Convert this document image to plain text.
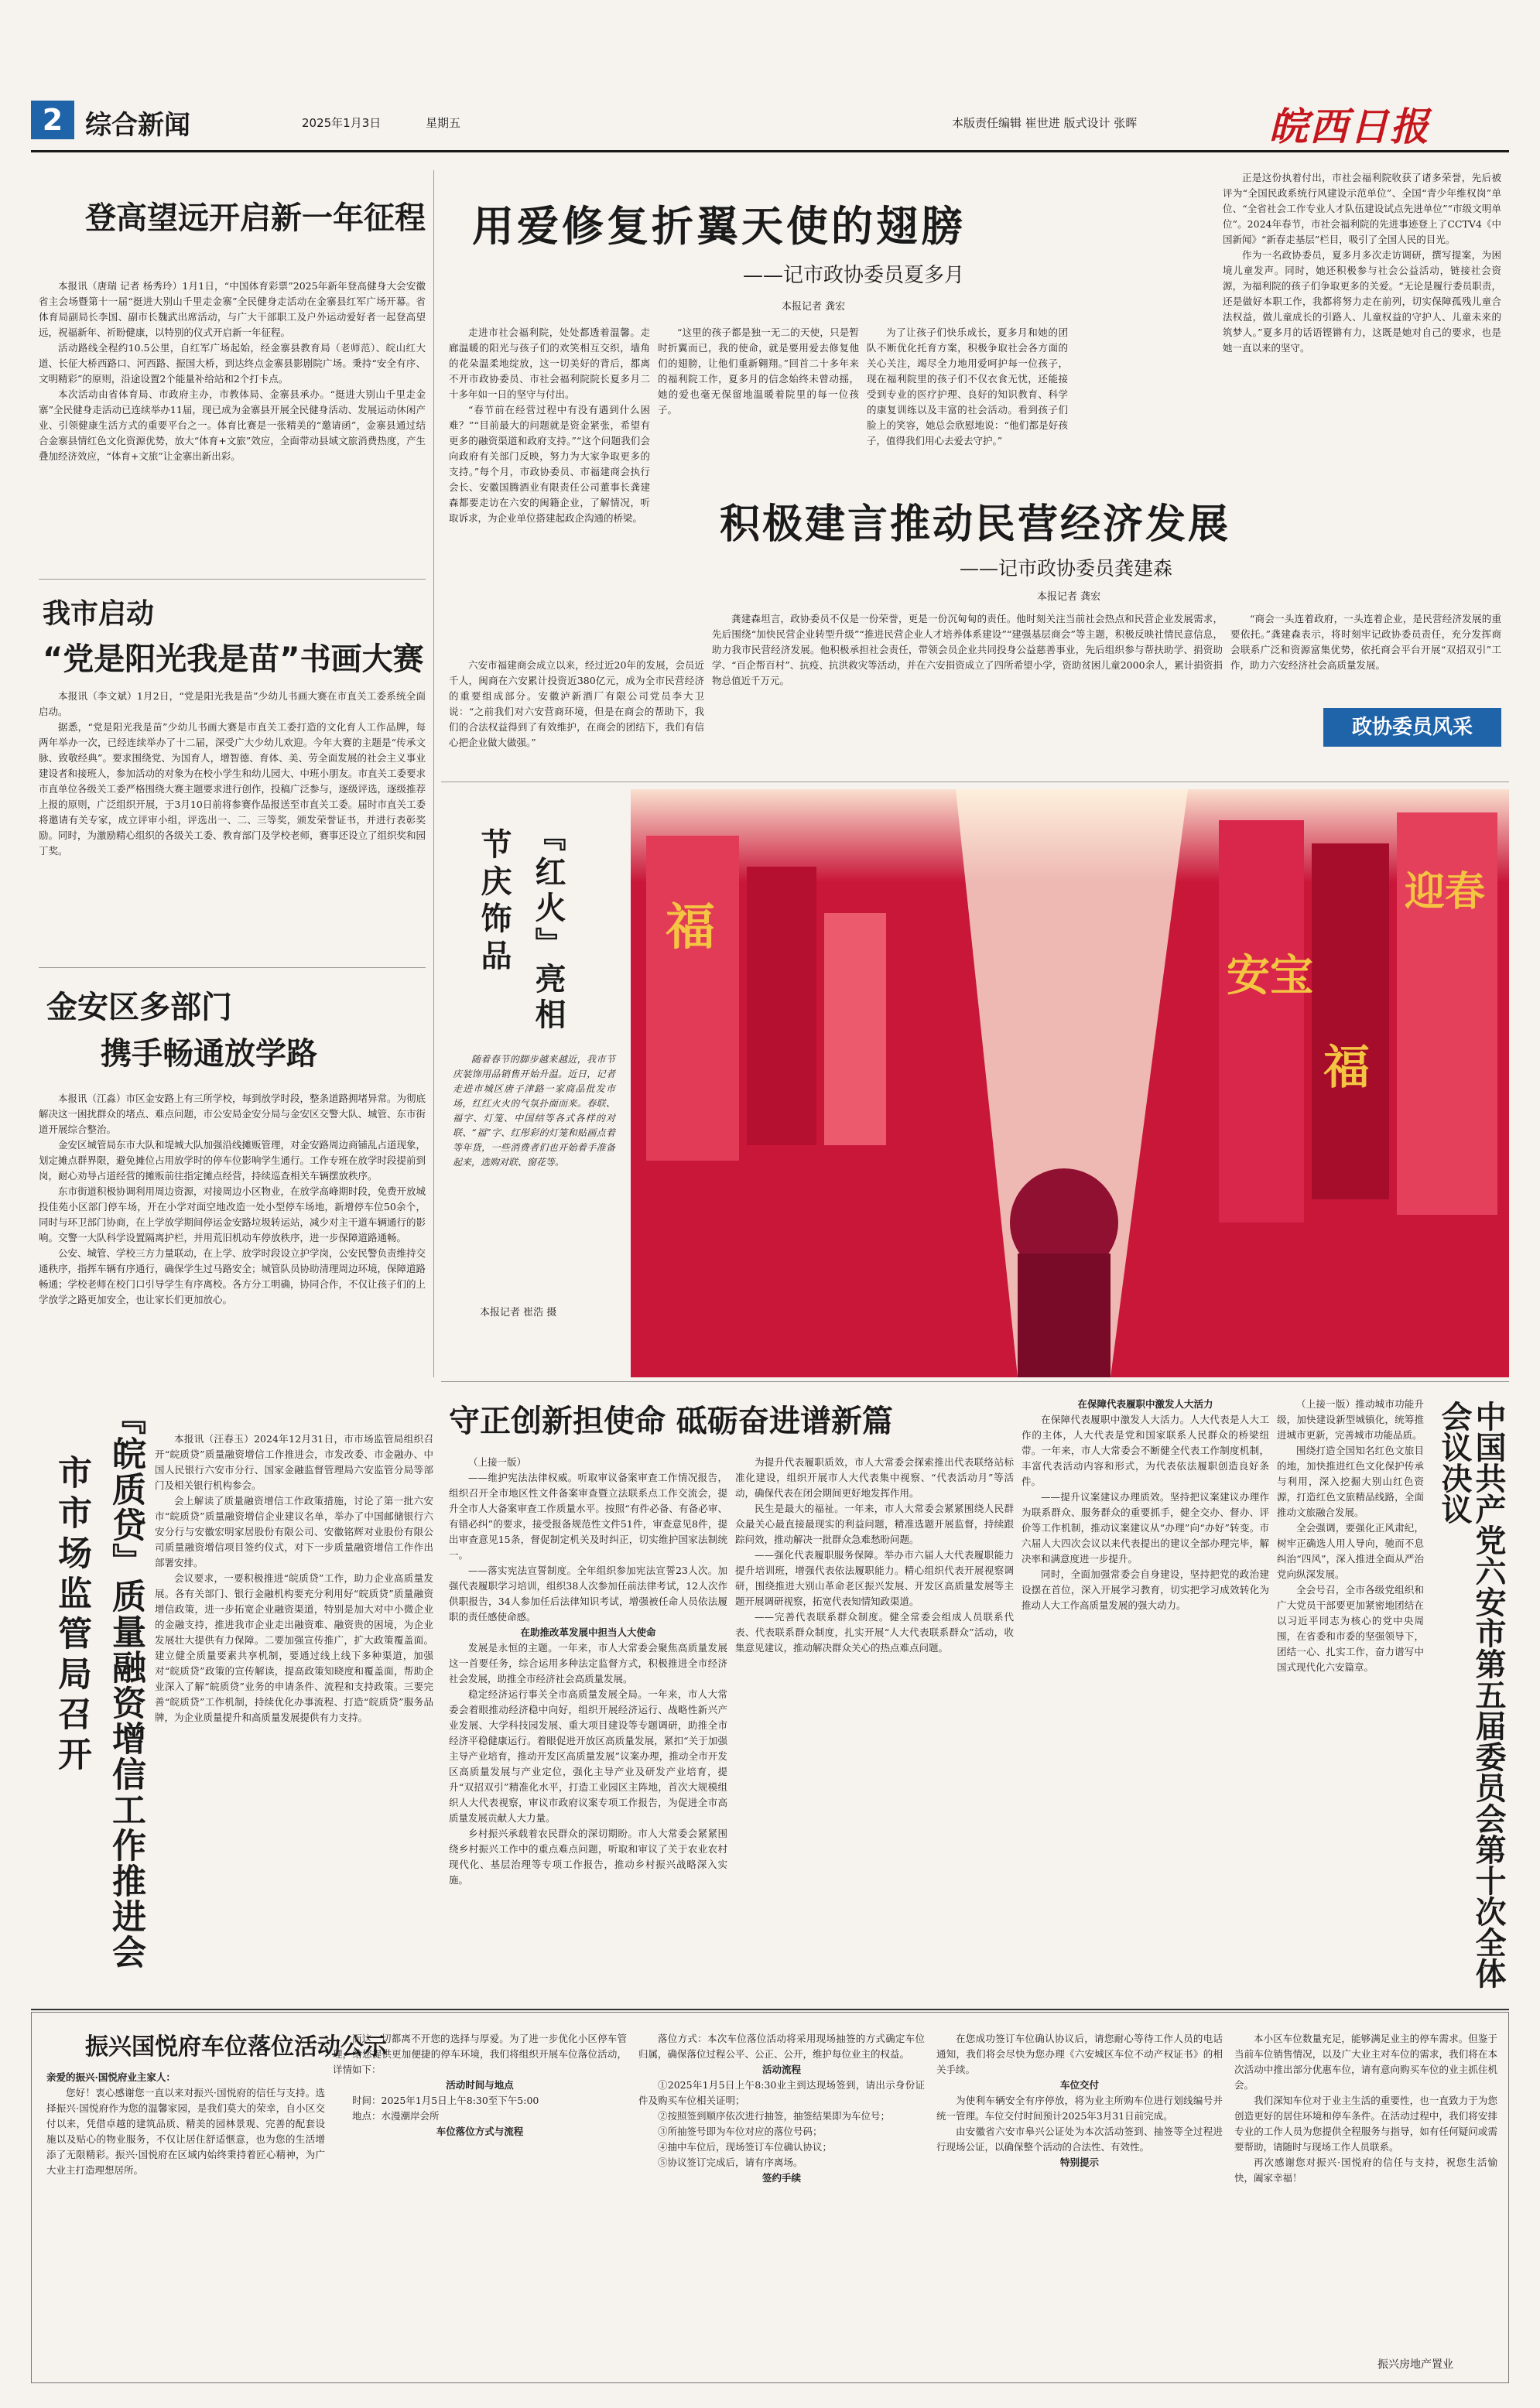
2 综合新闻	2025年1月3日	星期五	本版责任编辑 崔世进 版式设计 张晖	皖西日报
登高望远开启新一年征程

本报讯（唐瑞 记者 杨秀玲）1月1日，“中国体育彩票”2025年新年登高健身大会安徽省主会场暨第十一届“挺进大别山千里走金寨”全民健身走活动在金寨县红军广场开幕。省体育局副局长李国、副市长魏武出席活动，与广大干部职工及户外运动爱好者一起登高望远，祝福新年、祈盼健康，以特别的仪式开启新一年征程。

活动路线全程约10.5公里，自红军广场起始，经金寨县教育局（老师范）、皖山红大道、长征大桥西路口、河西路、振国大桥，到达终点金寨县影剧院广场。秉持“安全有序、文明精彩”的原则，沿途设置2个能量补给站和2个打卡点。

本次活动由省体育局、市政府主办，市教体局、金寨县承办。“挺进大别山千里走金寨”全民健身走活动已连续举办11届，现已成为金寨县开展全民健身活动、发展运动休闲产业、引领健康生活方式的重要平台之一。体育比赛是一张精美的“邀请函”，金寨县通过结合金寨县情红色文化资源优势，放大“体育+文旅”效应，全面带动县域文旅消费热度，产生叠加经济效应，“体育+文旅”让金寨出新出彩。

我市启动
“党是阳光我是苗”书画大赛

本报讯（李文斌）1月2日，“党是阳光我是苗”少幼儿书画大赛在市直关工委系统全面启动。

据悉，“党是阳光我是苗”少幼儿书画大赛是市直关工委打造的文化育人工作品牌，每两年举办一次，已经连续举办了十二届，深受广大少幼儿欢迎。今年大赛的主题是“传承文脉、致敬经典”。要求围绕党、为国育人，增智德、育体、美、劳全面发展的社会主义事业建设者和接班人，参加活动的对象为在校小学生和幼儿园大、中班小朋友。市直关工委要求市直单位各级关工委严格围绕大赛主题要求进行创作，投稿广泛参与，逐级评选，逐级推荐上报的原则，广泛组织开展，于3月10日前将参赛作品报送至市直关工委。届时市直关工委将邀请有关专家，成立评审小组，评选出一、二、三等奖，颁发荣誉证书，并进行表彰奖励。同时，为激励精心组织的各级关工委、教育部门及学校老师，赛事还设立了组织奖和园丁奖。

金安区多部门
携手畅通放学路

本报讯（江淼）市区金安路上有三所学校，每到放学时段，整条道路拥堵异常。为彻底解决这一困扰群众的堵点、难点问题，市公安局金安分局与金安区交警大队、城管、东市街道开展综合整治。

金安区城管局东市大队和堤城大队加强沿线摊贩管理，对金安路周边商铺乱占道现象，划定摊点群界限，避免摊位占用放学时的停车位影响学生通行。工作专班在放学时段提前到岗，耐心劝导占道经营的摊贩前往指定摊点经营，持续巡查相关车辆摆放秩序。

东市街道积极协调利用周边资源，对接周边小区物业，在放学高峰期时段，免费开放城投佳苑小区部门停车场，开在小学对面空地改造一处小型停车场地，新增停车位50余个，同时与环卫部门协商，在上学放学期间停运金安路垃圾转运站，减少对主干道车辆通行的影响。交警一大队科学设置隔离护栏，并用荒旧机动车停放秩序，进一步保障道路通畅。

公安、城管、学校三方力量联动，在上学、放学时段设立护学岗，公安民警负责维持交通秩序，指挥车辆有序通行，确保学生过马路安全；城管队员协助清理周边环境，保障道路畅通；学校老师在校门口引导学生有序离校。各方分工明确，协同合作，不仅让孩子们的上学放学之路更加安全，也让家长们更加放心。

用爱修复折翼天使的翅膀
——记市政协委员夏多月
本报记者 龚宏

走进市社会福利院，处处都透着温馨。走廊温暖的阳光与孩子们的欢笑相互交织，墙角的花朵温柔地绽放，这一切美好的背后，都离不开市政协委员、市社会福利院院长夏多月二十多年如一日的坚守与付出。

“春节前在经营过程中有没有遇到什么困难？”“目前最大的问题就是资金紧张，希望有更多的融资渠道和政府支持。”“这个问题我们会向政府有关部门反映，努力为大家争取更多的支持。”每个月，市政协委员、市福建商会执行会长、安徽国腾酒业有限责任公司董事长龚建森都要走访在六安的闽籍企业，了解情况，听取诉求，为企业单位搭建起政企沟通的桥梁。

“这里的孩子都是独一无二的天使，只是暂时折翼而已，我的使命，就是要用爱去修复他们的翅膀，让他们重新翱翔。”回首二十多年来的福利院工作，夏多月的信念始终未曾动摇，她的爱也毫无保留地温暖着院里的每一位孩子。

为了让孩子们快乐成长，夏多月和她的团队不断优化托育方案，积极争取社会各方面的关心关注，竭尽全力地用爱呵护每一位孩子，现在福利院里的孩子们不仅衣食无忧，还能接受到专业的医疗护理、良好的知识教育、科学的康复训练以及丰富的社会活动。看到孩子们脸上的笑容，她总会欣慰地说：“他们都是好孩子，值得我们用心去爱去守护。”

正是这份执着付出，市社会福利院收获了诸多荣誉，先后被评为“全国民政系统行风建设示范单位”、全国“青少年维权岗”单位、“全省社会工作专业人才队伍建设试点先进单位”“市级文明单位”。2024年春节，市社会福利院的先进事迹登上了CCTV4《中国新闻》“新春走基层”栏目，吸引了全国人民的目光。

作为一名政协委员，夏多月多次走访调研，撰写提案，为困境儿童发声。同时，她还积极参与社会公益活动，链接社会资源，为福利院的孩子们争取更多的关爱。“无论是履行委员职责，还是做好本职工作，我都将努力走在前列，切实保障孤残儿童合法权益，做儿童成长的引路人、儿童权益的守护人、儿童未来的筑梦人。”夏多月的话语铿锵有力，这既是她对自己的要求，也是她一直以来的坚守。

积极建言推动民营经济发展
——记市政协委员龚建森
本报记者 龚宏

六安市福建商会成立以来，经过近20年的发展，会员近千人，闽商在六安累计投资近380亿元，成为全市民营经济的重要组成部分。安徽泸新酒厂有限公司党员李大卫说：“之前我们对六安营商环境，但是在商会的帮助下，我们的合法权益得到了有效维护，在商会的团结下，我们有信心把企业做大做强。”

龚建森坦言，政协委员不仅是一份荣誉，更是一份沉甸甸的责任。他时刻关注当前社会热点和民营企业发展需求，先后围绕“加快民营企业转型升级”“推进民营企业人才培养体系建设”“建强基层商会”等主题，积极反映社情民意信息，助力我市民营经济发展。他积极承担社会责任，带领会员企业共同投身公益慈善事业，先后组织参与帮扶助学、捐资助学、“百企帮百村”、抗疫、抗洪救灾等活动，并在六安捐资成立了四所希望小学，资助贫困儿童2000余人，累计捐资捐物总值近千万元。

“商会一头连着政府，一头连着企业，是民营经济发展的重要依托。”龚建森表示，将时刻牢记政协委员责任，充分发挥商会联系广泛和资源富集优势，依托商会平台开展“双招双引”工作，助力六安经济社会高质量发展。

政协委员风采
节庆饰品 『红火』亮相
随着春节的脚步越来越近，我市节庆装饰用品销售开始升温。近日，记者走进市城区唐子津路一家商品批发市场，红红火火的气氛扑面而来。春联、福字、灯笼、中国结等各式各样的对联、“福”字、红彤彩的灯笼和贴画点着等年货，一些消费者们也开始着手准备起来，选购对联、窗花等。
本报记者 崔浩 摄
福
安宝
迎春
福
市市场监管局召开 『皖质贷』质量融资增信工作推进会	本报讯（汪春玉）2024年12月31日，市市场监管局组织召开“皖质贷”质量融资增信工作推进会，市发改委、市金融办、中国人民银行六安市分行、国家金融监督管理局六安监管分局等部门及相关银行机构参会。

会上解读了质量融资增信工作政策措施，讨论了第一批六安市“皖质贷”质量融资增信企业建议名单，举办了中国邮储银行六安分行与安徽宏明家居股份有限公司、安徽铭辉对业股份有限公司质量融资增信项目签约仪式，对下一步质量融资增信工作作出部署安排。

会议要求，一要积极推进“皖质贷”工作，助力企业高质量发展。各有关部门、银行金融机构要充分利用好“皖质贷”质量融资增信政策，进一步拓宽企业融资渠道，特别是加大对中小微企业的金融支持，推进我市企业走出融资难、融资贵的困境，为企业发展壮大提供有力保障。二要加强宣传推广，扩大政策覆盖面。建立健全质量要素共享机制，要通过线上线下多种渠道，加强对“皖质贷”政策的宣传解读，提高政策知晓度和覆盖面，帮助企业深入了解“皖质贷”业务的申请条件、流程和支持政策。三要完善“皖质贷”工作机制，持续优化办事流程、打造“皖质贷”服务品牌，为企业质量提升和高质量发展提供有力支持。

守正创新担使命 砥砺奋进谱新篇

（上接一版）

——维护宪法法律权威。听取审议备案审查工作情况报告，组织召开全市地区性文件备案审查暨立法联系点工作交流会，提升全市人大备案审查工作质量水平。按照“有件必备、有备必审、有错必纠”的要求，接受报备规范性文件51件，审查意见8件，提出审查意见15条，督促制定机关及时纠正，切实维护国家法制统一。

——落实宪法宣誓制度。全年组织参加宪法宣誓23人次。加强代表履职学习培训，组织38人次参加任前法律考试，12人次作供职报告，34人参加任后法律知识考试，增强被任命人员依法履职的责任感使命感。

在助推改革发展中担当人大使命

发展是永恒的主题。一年来，市人大常委会聚焦高质量发展这一首要任务，综合运用多种法定监督方式，积极推进全市经济社会发展，助推全市经济社会高质量发展。

稳定经济运行事关全市高质量发展全局。一年来，市人大常委会着眼推动经济稳中向好，组织开展经济运行、战略性新兴产业发展、大学科技园发展、重大项目建设等专题调研，助推全市经济平稳健康运行。着眼促进开放区高质量发展，紧扣“关于加强主导产业培育，推动开发区高质量发展”议案办理，推动全市开发区高质量发展与产业定位，强化主导产业及研发产业培育，提升“双招双引”精准化水平，打造工业园区主阵地，首次大规模组织人大代表视察，审议市政府议案专项工作报告，为促进全市高质量发展贡献人大力量。

乡村振兴承载着农民群众的深切期盼。市人大常委会紧紧围绕乡村振兴工作中的重点难点问题，听取和审议了关于农业农村现代化、基层治理等专项工作报告，推动乡村振兴战略深入实施。

为提升代表履职质效，市人大常委会探索推出代表联络站标准化建设，组织开展市人大代表集中视察、“代表活动月”等活动，确保代表在闭会期间更好地发挥作用。

民生是最大的福祉。一年来，市人大常委会紧紧围绕人民群众最关心最直接最现实的利益问题，精准选题开展监督，持续跟踪问效，推动解决一批群众急难愁盼问题。

——强化代表履职服务保障。举办市六届人大代表履职能力提升培训班，增强代表依法履职能力。精心组织代表开展视察调研，围绕推进大别山革命老区振兴发展、开发区高质量发展等主题开展调研视察，拓宽代表知情知政渠道。

——完善代表联系群众制度。健全常委会组成人员联系代表、代表联系群众制度，扎实开展“人大代表联系群众”活动，收集意见建议，推动解决群众关心的热点难点问题。

在保障代表履职中激发人大活力

在保障代表履职中激发人大活力。人大代表是人大工作的主体，人大代表是党和国家联系人民群众的桥梁纽带。一年来，市人大常委会不断健全代表工作制度机制，丰富代表活动内容和形式，为代表依法履职创造良好条件。

——提升议案建议办理质效。坚持把议案建议办理作为联系群众、服务群众的重要抓手，健全交办、督办、评价等工作机制，推动议案建议从“办理”向“办好”转变。市六届人大四次会议以来代表提出的建议全部办理完毕，解决率和满意度进一步提升。

同时，全面加强常委会自身建设，坚持把党的政治建设摆在首位，深入开展学习教育，切实把学习成效转化为推动人大工作高质量发展的强大动力。

（上接一版）推动城市功能升级，加快建设新型城镇化，统筹推进城市更新，完善城市功能品质。

围绕打造全国知名红色文旅目的地，加快推进红色文化保护传承与利用，深入挖掘大别山红色资源，打造红色文旅精品线路，全面推动文旅融合发展。

全会强调，要强化正风肃纪，树牢正确选人用人导向，驰而不息纠治“四风”，深入推进全面从严治党向纵深发展。

全会号召，全市各级党组织和广大党员干部要更加紧密地团结在以习近平同志为核心的党中央周围，在省委和市委的坚强领导下，团结一心、扎实工作，奋力谱写中国式现代化六安篇章。	中国共产党六安市第五届委员会第十次全体会议决议
振兴国悦府车位落位活动公示

亲爱的振兴·国悦府业主家人：

您好！衷心感谢您一直以来对振兴·国悦府的信任与支持。选择振兴·国悦府作为您的温馨家园，是我们莫大的荣幸，自小区交付以来，凭借卓越的建筑品质、精美的园林景观、完善的配套设施以及贴心的物业服务，不仅让居住舒适惬意，也为您的生活增添了无限精彩。振兴·国悦府在区域内始终秉持着匠心精神，为广大业主打造理想居所。

而这一切都离不开您的选择与厚爱。为了进一步优化小区停车管理，给您提供更加便捷的停车环境，我们将组织开展车位落位活动，详情如下：

活动时间与地点

时间：2025年1月5日上午8:30至下午5:00

地点：水漫潮岸会所

车位落位方式与流程

落位方式：本次车位落位活动将采用现场抽签的方式确定车位归属，确保落位过程公平、公正、公开，维护每位业主的权益。

活动流程

①2025年1月5日上午8:30业主到达现场签到，请出示身份证件及购买车位相关证明；

②按照签到顺序依次进行抽签，抽签结果即为车位号；

③所抽签号即为车位对应的落位号码；

④抽中车位后，现场签订车位确认协议；

⑤协议签订完成后，请有序离场。

签约手续

在您成功签订车位确认协议后，请您耐心等待工作人员的电话通知，我们将会尽快为您办理《六安城区车位不动产权证书》的相关手续。

车位交付

为使利车辆安全有序停放，将为业主所购车位进行划线编号并统一管理。车位交付时间预计2025年3月31日前完成。

由安徽省六安市皋兴公证处为本次活动签到、抽签等全过程进行现场公证，以确保整个活动的合法性、有效性。

特别提示

本小区车位数量充足，能够满足业主的停车需求。但鉴于当前车位销售情况，以及广大业主对车位的需求，我们将在本次活动中推出部分优惠车位，请有意向购买车位的业主抓住机会。

我们深知车位对于业主生活的重要性，也一直致力于为您创造更好的居住环境和停车条件。在活动过程中，我们将安排专业的工作人员为您提供全程服务与指导，如有任何疑问或需要帮助，请随时与现场工作人员联系。

再次感谢您对振兴·国悦府的信任与支持，祝您生活愉快，阖家幸福！

振兴房地产置业
